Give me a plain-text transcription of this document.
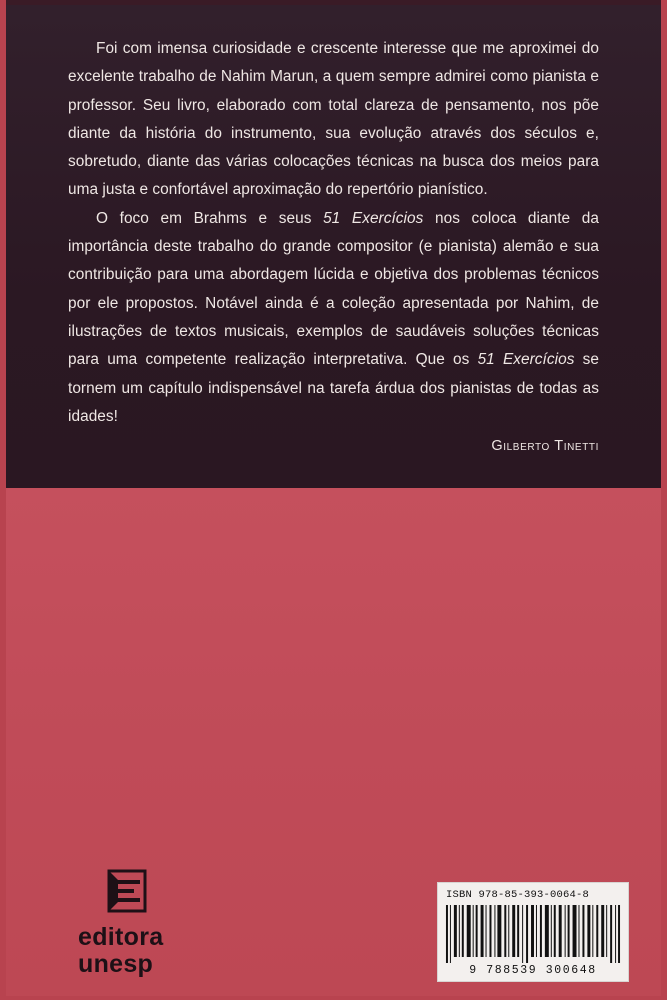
Foi com imensa curiosidade e crescente interesse que me aproximei do excelente trabalho de Nahim Marun, a quem sempre admirei como pianista e professor. Seu livro, elaborado com total clareza de pensamento, nos põe diante da história do instrumento, sua evolução através dos séculos e, sobretudo, diante das várias colocações técnicas na busca dos meios para uma justa e confortável aproximação do repertório pianístico.

O foco em Brahms e seus 51 Exercícios nos coloca diante da importância deste trabalho do grande compositor (e pianista) alemão e sua contribuição para uma abordagem lúcida e objetiva dos problemas técnicos por ele propostos. Notável ainda é a coleção apresentada por Nahim, de ilustrações de textos musicais, exemplos de saudáveis soluções técnicas para uma competente realização interpretativa. Que os 51 Exercícios se tornem um capítulo indispensável na tarefa árdua dos pianistas de todas as idades!

Gilberto Tinetti
editora
unesp
ISBN 978-85-393-0064-8
9 788539 300648
